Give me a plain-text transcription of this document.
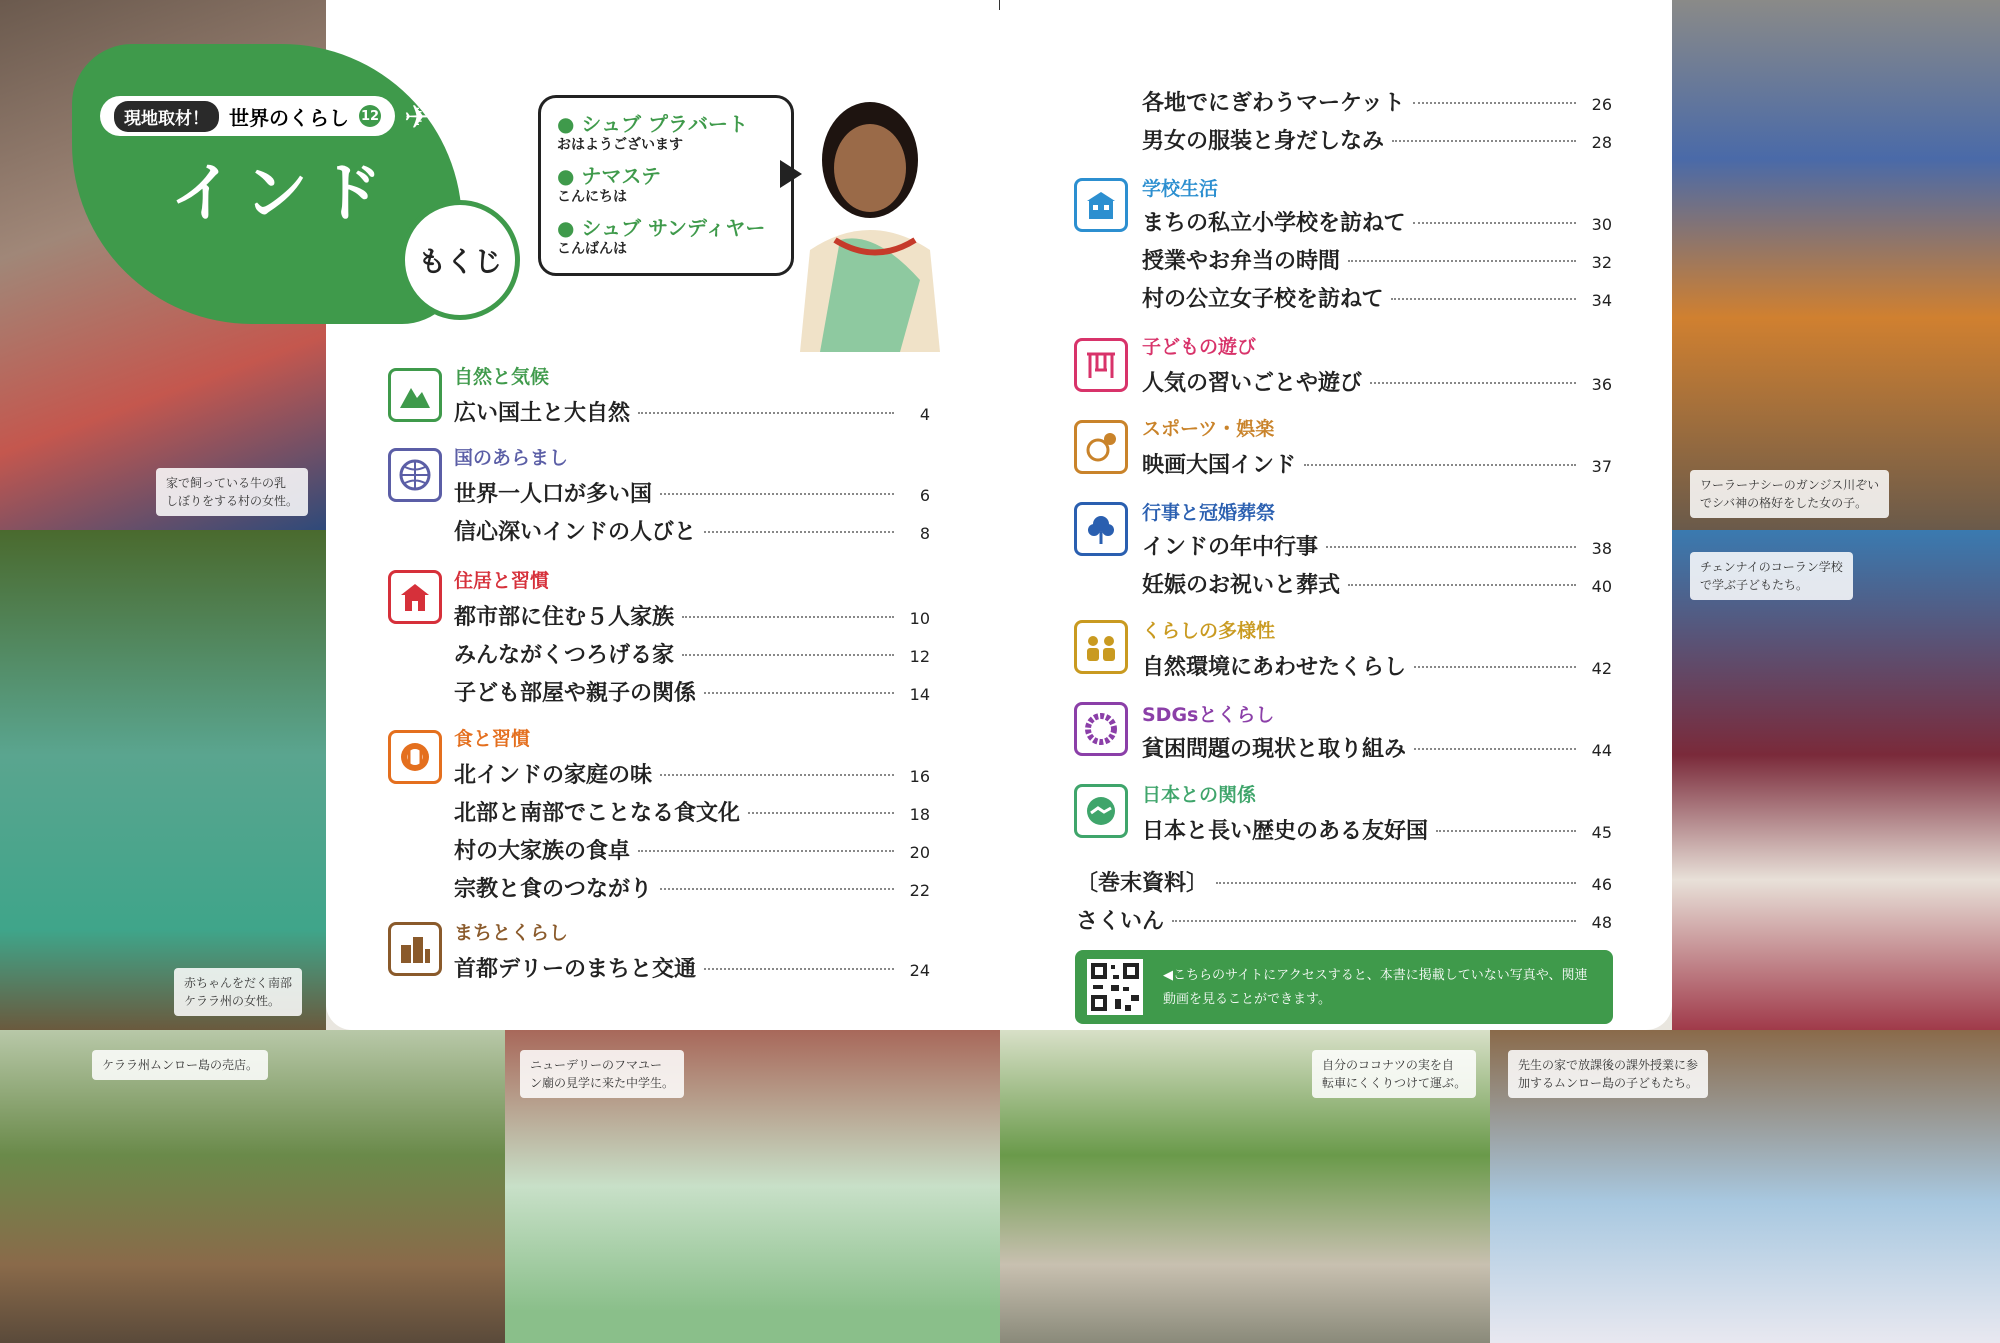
家で飼っている牛の乳
しぼりをする村の女性。
赤ちゃんをだく南部
ケララ州の女性。
ワーラーナシーのガンジス川ぞい
でシバ神の格好をした女の子。
チェンナイのコーラン学校
で学ぶ子どもたち。
ケララ州ムンロー島の売店。	ニューデリーのフマユー
ン廟の見学に来た中学生。
自分のココナツの実を自
転車にくくりつけて運ぶ。
先生の家で放課後の課外授業に参
加するムンロー島の子どもたち。
現地取材！	世界のくらし 12 ✈
インド
もくじ
● シュブ プラバート
おはようございます
● ナマステ
こんにちは
● シュブ サンディヤー
こんばんは
自然と気候
広い国土と大自然	4
国のあらまし
世界一人口が多い国	6
信心深いインドの人びと	8
住居と習慣
都市部に住む５人家族	10
みんながくつろげる家	12
子ども部屋や親子の関係	14
食と習慣
北インドの家庭の味	16
北部と南部でことなる食文化	18
村の大家族の食卓	20
宗教と食のつながり	22
まちとくらし
首都デリーのまちと交通	24
各地でにぎわうマーケット	26
男女の服装と身だしなみ	28
学校生活
まちの私立小学校を訪ねて	30
授業やお弁当の時間	32
村の公立女子校を訪ねて	34
子どもの遊び
人気の習いごとや遊び	36
スポーツ・娯楽
映画大国インド	37
行事と冠婚葬祭
インドの年中行事	38
妊娠のお祝いと葬式	40
くらしの多様性
自然環境にあわせたくらし	42
SDGsとくらし
貧困問題の現状と取り組み	44
日本との関係
日本と長い歴史のある友好国	45
〔巻末資料〕	46
さくいん	48
◀こちらのサイトにアクセスすると、本書に掲載していない写真や、関連動画を見ることができます。
